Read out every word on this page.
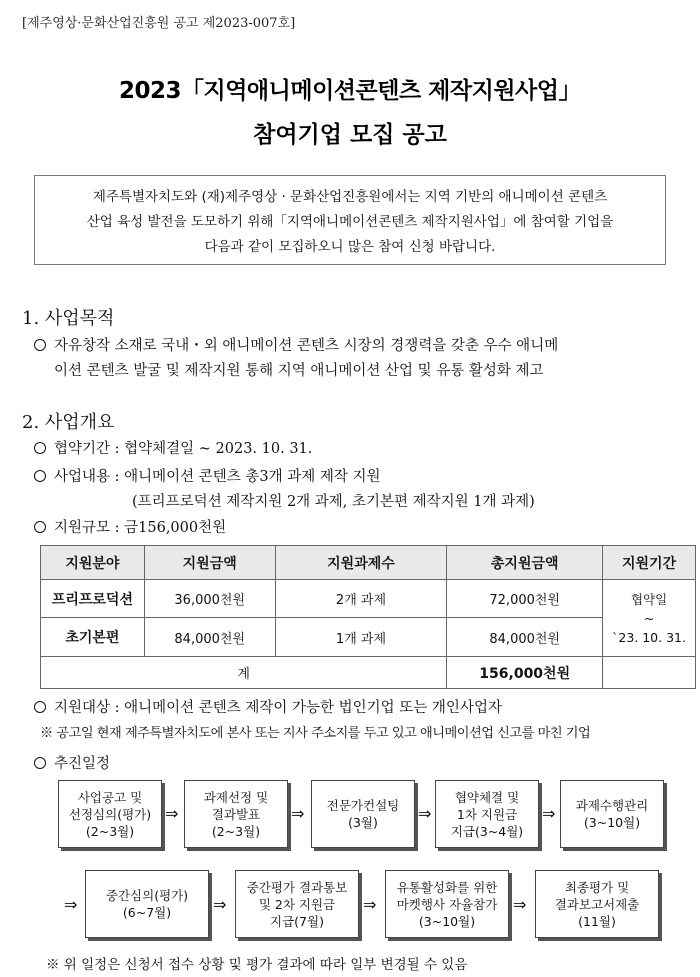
[제주영상·문화산업진흥원 공고 제2023-007호]
2023「지역애니메이션콘텐츠 제작지원사업」
참여기업 모집 공고

제주특별자치도와 (재)제주영상 · 문화산업진흥원에서는 지역 기반의 애니메이션 콘텐츠

산업 육성 발전을 도모하기 위해「지역애니메이션콘텐츠 제작지원사업」에 참여할 기업을

다음과 같이 모집하오니 많은 참여 신청 바랍니다.

1. 사업목적
자유창작 소재로 국내・외 애니메이션 콘텐츠 시장의 경쟁력을 갖춘 우수 애니메
이션 콘텐츠 발굴 및 제작지원 통해 지역 애니메이션 산업 및 유통 활성화 제고
2. 사업개요
협약기간 : 협약체결일 ~ 2023. 10. 31.
사업내용 : 애니메이션 콘텐츠 총3개 과제 제작 지원
(프리프로덕션 제작지원 2개 과제, 초기본편 제작지원 1개 과제)
지원규모 : 금156,000천원
지원분야	지원금액	지원과제수	총지원금액	지원기간
프리프로덕션	36,000천원	2개 과제	72,000천원	협약일
~
`23. 10. 31.

초기본편	84,000천원	1개 과제	84,000천원	
계			156,000천원	
지원대상 : 애니메이션 콘텐츠 제작이 가능한 법인기업 또는 개인사업자
※ 공고일 현재 제주특별자치도에 본사 또는 지사 주소지를 두고 있고 애니메이션업 신고를 마친 기업
추진일정
사업공고 및
선정심의(평가)
(2~3월)
⇒
과제선정 및
결과발표
(2~3월)
⇒ 전문가컨설팅
(3월)	⇒
협약체결 및
1차 지원금
지급(3~4월)
⇒ 과제수행관리
(3~10월)
⇒ 중간심의(평가)
(6~7월)	⇒
중간평가 결과통보
및 2차 지원금
지급(7월)
⇒
유통활성화를 위한
마켓행사 자율참가
(3~10월)
⇒
최종평가 및
결과보고서제출
(11월)
※ 위 일정은 신청서 접수 상황 및 평가 결과에 따라 일부 변경될 수 있음
